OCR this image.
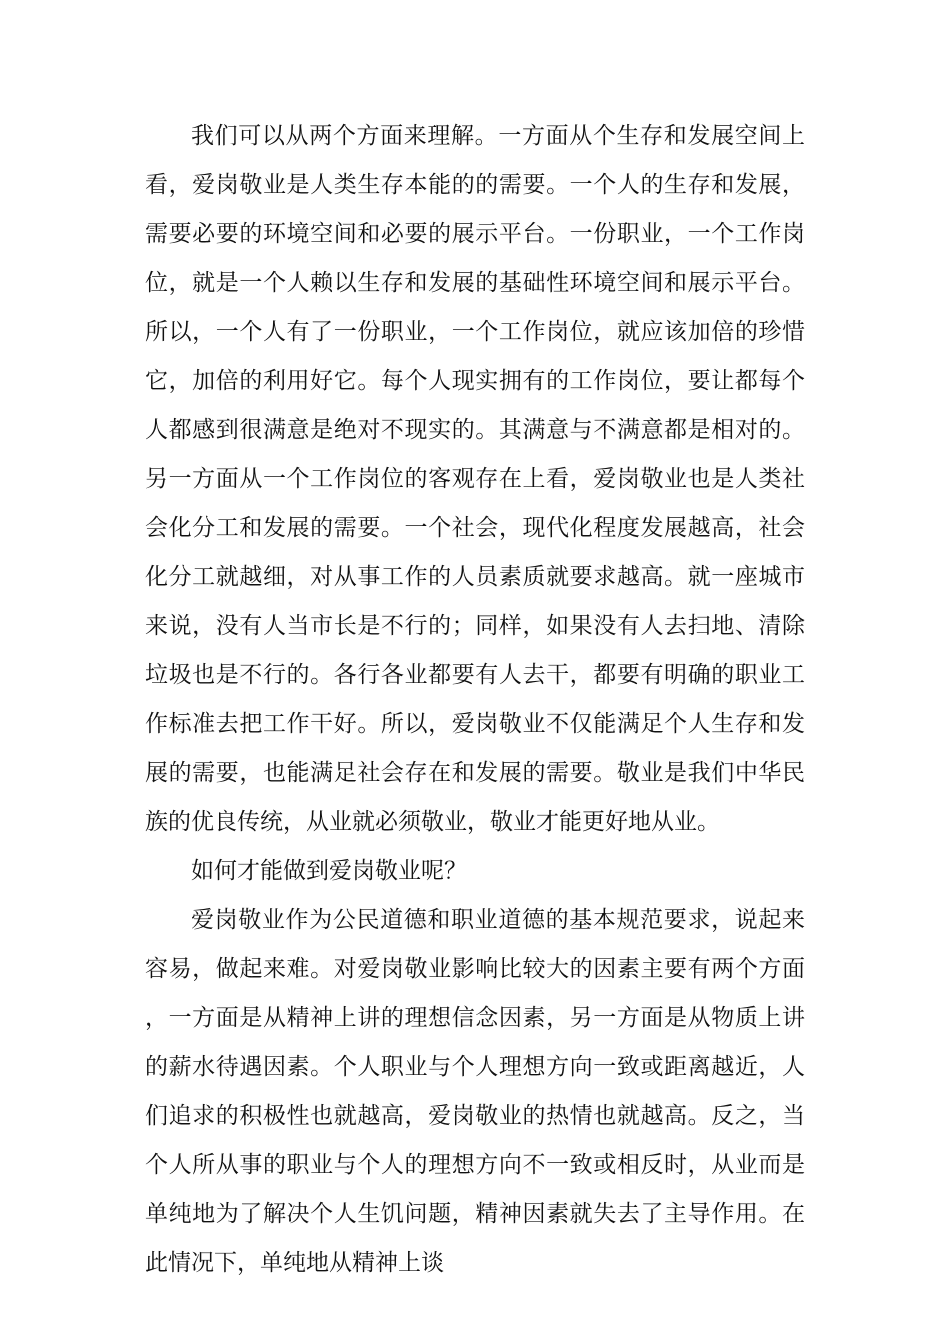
我们可以从两个方面来理解。一方面从个生存和发展空间上看，爱岗敬业是人类生存本能的的需要。一个人的生存和发展，需要必要的环境空间和必要的展示平台。一份职业，一个工作岗位，就是一个人赖以生存和发展的基础性环境空间和展示平台。所以，一个人有了一份职业，一个工作岗位，就应该加倍的珍惜它，加倍的利用好它。每个人现实拥有的工作岗位，要让都每个人都感到很满意是绝对不现实的。其满意与不满意都是相对的。另一方面从一个工作岗位的客观存在上看，爱岗敬业也是人类社会化分工和发展的需要。一个社会，现代化程度发展越高，社会化分工就越细，对从事工作的人员素质就要求越高。就一座城市来说，没有人当市长是不行的；同样，如果没有人去扫地、清除垃圾也是不行的。各行各业都要有人去干，都要有明确的职业工作标准去把工作干好。所以，爱岗敬业不仅能满足个人生存和发展的需要，也能满足社会存在和发展的需要。敬业是我们中华民族的优良传统，从业就必须敬业，敬业才能更好地从业。

如何才能做到爱岗敬业呢？

爱岗敬业作为公民道德和职业道德的基本规范要求，说起来容易，做起来难。对爱岗敬业影响比较大的因素主要有两个方面，一方面是从精神上讲的理想信念因素，另一方面是从物质上讲的薪水待遇因素。个人职业与个人理想方向一致或距离越近，人们追求的积极性也就越高，爱岗敬业的热情也就越高。反之，当个人所从事的职业与个人的理想方向不一致或相反时，从业而是单纯地为了解决个人生饥问题，精神因素就失去了主导作用。在此情况下，单纯地从精神上谈
